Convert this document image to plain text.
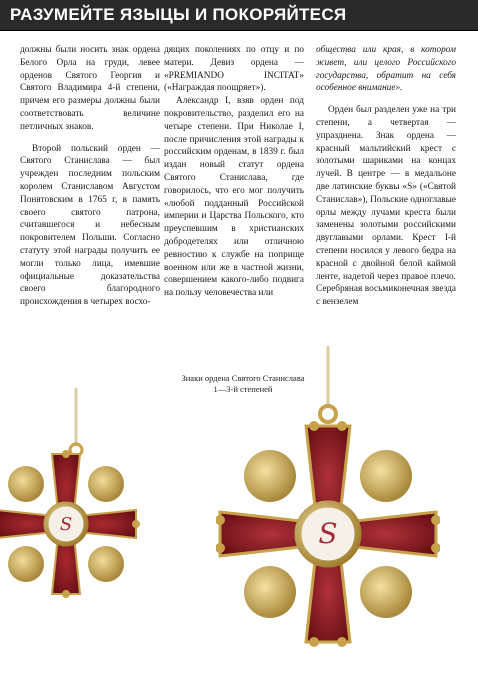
РАЗУМЕЙТЕ ЯЗЫЦЫ И ПОКОРЯЙТЕСЯ

должны были носить знак ордена Белого Орла на груди, левее орденов Святого Георгия и Святого Владимира 4-й степени, причем его размеры должны были соответствовать величине петличных знаков.

Второй польский орден — Святого Станислава — был учрежден последним польским королем Станиславом Августом Понятовским в 1765 г, в память своего святого патрона, считавшегося и небесным покровителем Польши. Согласно статуту этой награды получить ее могли только лица, имевшие официальные доказательства своего благородного происхождения в четырех восхо-

дящих поколениях по отцу и по матери. Девиз ордена — «PREMIANDO INCITAT» («Награждая поощряет»).

Александр I, взяв орден под покровительство, разделил его на четыре степени. При Николае I, после причисления этой награды к российским орденам, в 1839 г. был издан новый статут ордена Святого Станислава, где говорилось, что его мог получить «любой подданный Российской империи и Царства Польского, кто преуспевшим в христианских добродетелях или отличною ревностию к службе на поприще военном или же в частной жизни, совершением какого-либо подвига на пользу человечества или

общества или края, в котором живет, или целого Российского государства, обратит на себя особенное внимание».

Орден был разделен уже на три степени, а четвертая — упразднена. Знак ордена — красный мальтийский крест с золотыми шариками на концах лучей. В центре — в медальоне две латинские буквы «S» («Святой Станислав»), Польские одноглавые орлы между лучами креста были заменены золотыми российскими двуглавыми орлами. Крест I-й степени носился у левого бедра на красной с двойной белой каймой ленте, надетой через правое плечо. Серебряная восьмиконечная звезда с вензелем

Знаки ордена Святого Станислава
1—3-й степеней
S	S
